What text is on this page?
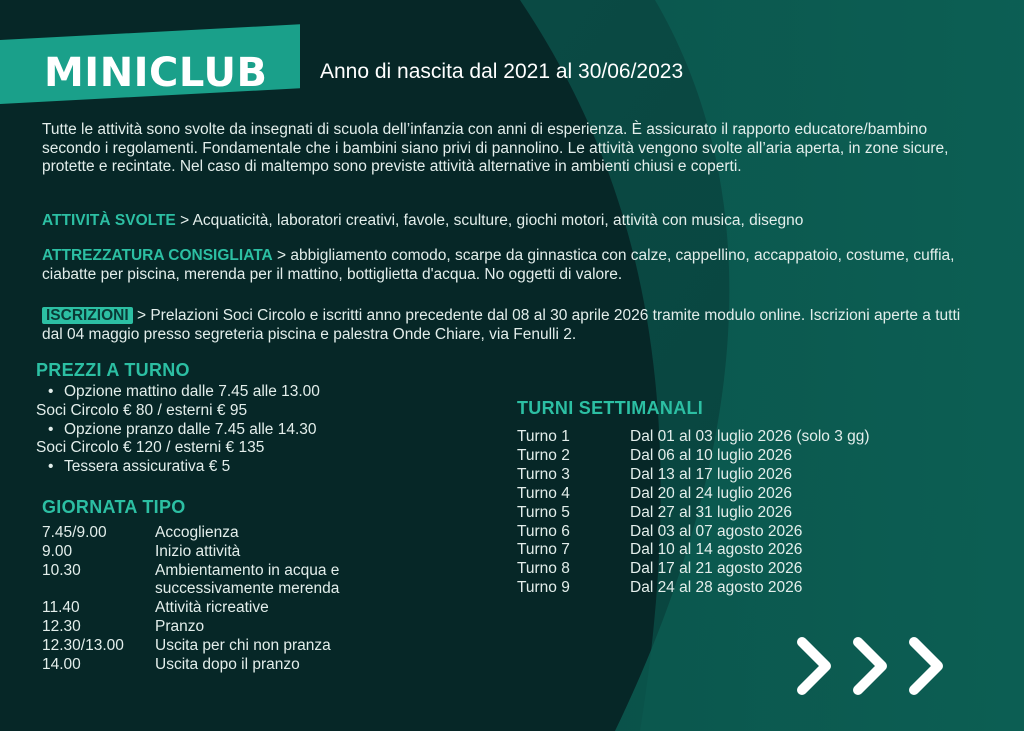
MINICLUB	Anno di nascita dal 2021 al 30/06/2023
Tutte le attività sono svolte da insegnati di scuola dell’infanzia con anni di esperienza. È assicurato il rapporto educatore/bambino secondo i regolamenti. Fondamentale che i bambini siano privi di pannolino. Le attività vengono svolte all’aria aperta, in zone sicure, protette e recintate. Nel caso di maltempo sono previste attività alternative in ambienti chiusi e coperti.
ATTIVITÀ SVOLTE > Acquaticità, laboratori creativi, favole, sculture, giochi motori, attività con musica, disegno
ATTREZZATURA CONSIGLIATA > abbigliamento comodo, scarpe da ginnastica con calze, cappellino, accappatoio, costume, cuffia, ciabatte per piscina, merenda per il mattino, bottiglietta d'acqua. No oggetti di valore.
ISCRIZIONI > Prelazioni Soci Circolo e iscritti anno precedente dal 08 al 30 aprile 2026 tramite modulo online. Iscrizioni aperte a tutti dal 04 maggio presso segreteria piscina e palestra Onde Chiare, via Fenulli 2.
PREZZI A TURNO
• Opzione mattino dalle 7.45 alle 13.00
Soci Circolo € 80 / esterni € 95
• Opzione pranzo dalle 7.45 alle 14.30
Soci Circolo € 120 / esterni € 135
• Tessera assicurativa € 5
GIORNATA TIPO
7.45/9.00	Accoglienza
9.00	Inizio attività
10.30	Ambientamento in acqua e successivamente merenda
11.40	Attività ricreative
12.30	Pranzo
12.30/13.00	Uscita per chi non pranza
14.00	Uscita dopo il pranzo
TURNI SETTIMANALI
Turno 1	Dal 01 al 03 luglio 2026 (solo 3 gg)
Turno 2	Dal 06 al 10 luglio 2026
Turno 3	Dal 13 al 17 luglio 2026
Turno 4	Dal 20 al 24 luglio 2026
Turno 5	Dal 27 al 31 luglio 2026
Turno 6	Dal 03 al 07 agosto 2026
Turno 7	Dal 10 al 14 agosto 2026
Turno 8	Dal 17 al 21 agosto 2026
Turno 9	Dal 24 al 28 agosto 2026
